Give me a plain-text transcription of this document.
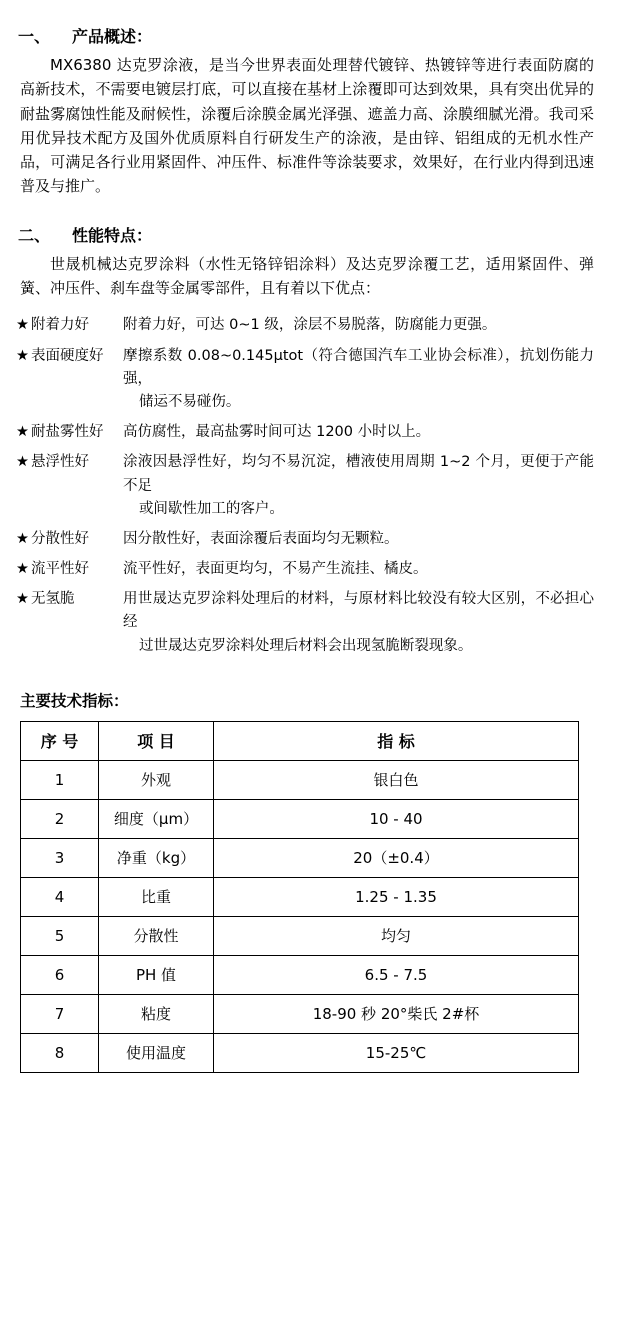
一、 产品概述：
MX6380 达克罗涂液，是当今世界表面处理替代镀锌、热镀锌等进行表面防腐的高新技术，不需要电镀层打底，可以直接在基材上涂覆即可达到效果，具有突出优异的耐盐雾腐蚀性能及耐候性，涂覆后涂膜金属光泽强、遮盖力高、涂膜细腻光滑。我司采用优异技术配方及国外优质原料自行研发生产的涂液，是由锌、铝组成的无机水性产品，可满足各行业用紧固件、冲压件、标准件等涂装要求，效果好，在行业内得到迅速普及与推广。
二、 性能特点：
世晟机械达克罗涂料（水性无铬锌铝涂料）及达克罗涂覆工艺，适用紧固件、弹簧、冲压件、刹车盘等金属零部件，且有着以下优点：
★ 附着力好	附着力好，可达 0~1 级，涂层不易脱落，防腐能力更强。
★ 表面硬度好	摩擦系数 0.08~0.145μtot（符合德国汽车工业协会标准），抗划伤能力强，
储运不易碰伤。
★ 耐盐雾性好	高仿腐性，最高盐雾时间可达 1200 小时以上。
★ 悬浮性好	涂液因悬浮性好，均匀不易沉淀，槽液使用周期 1~2 个月，更便于产能不足
或间歇性加工的客户。
★ 分散性好	因分散性好，表面涂覆后表面均匀无颗粒。
★ 流平性好	流平性好，表面更均匀，不易产生流挂、橘皮。
★ 无氢脆	用世晟达克罗涂料处理后的材料，与原材料比较没有较大区别，不必担心经
过世晟达克罗涂料处理后材料会出现氢脆断裂现象。
主要技术指标：
序 号	项 目	指 标
1	外观	银白色
2	细度（μm）	10 - 40
3	净重（kg）	20（±0.4）
4	比重	1.25 - 1.35
5	分散性	均匀
6	PH 值	6.5 - 7.5
7	粘度	18-90 秒 20°柴氏 2#杯
8	使用温度	15-25℃
